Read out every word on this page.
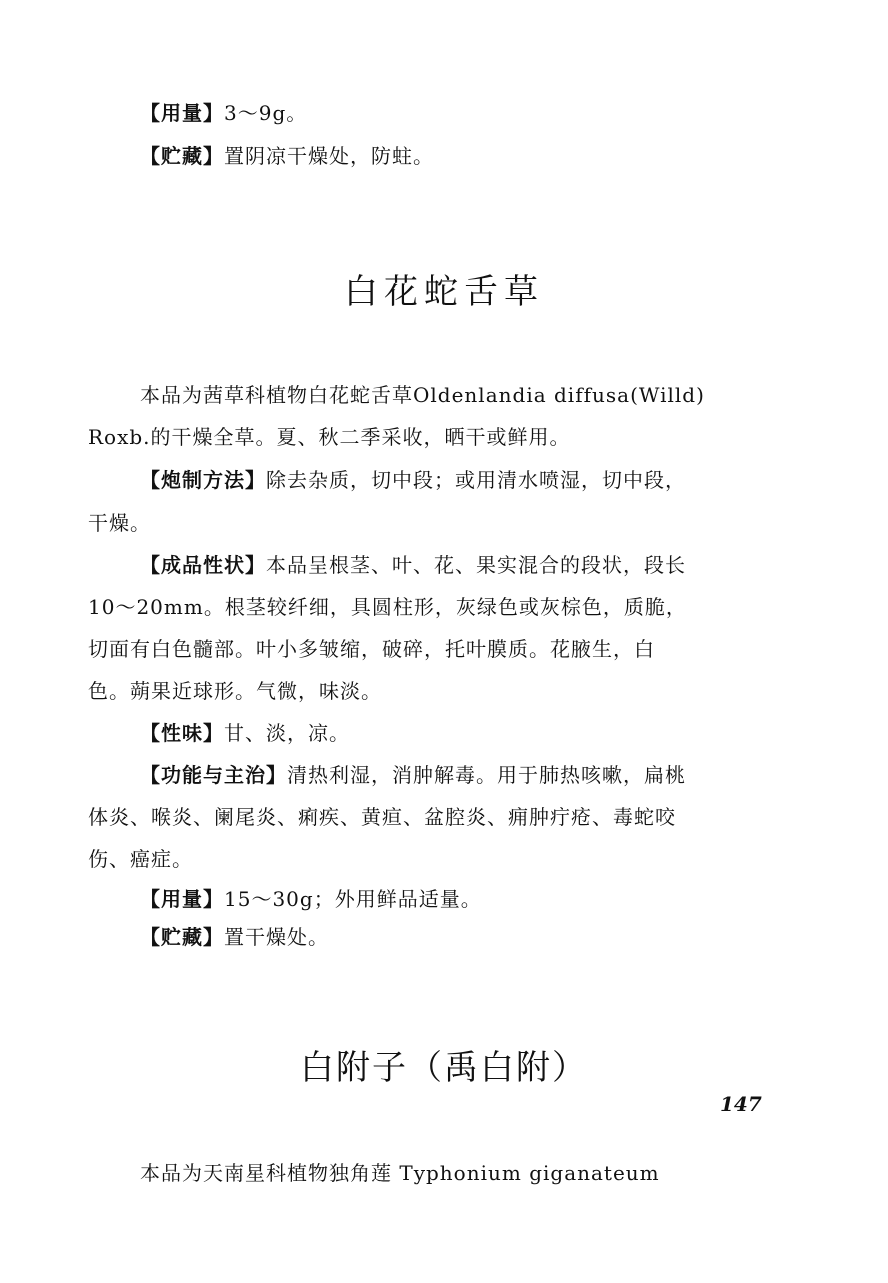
【用量】3～9g。
【贮藏】置阴凉干燥处，防蛀。
白花蛇舌草
本品为茜草科植物白花蛇舌草Oldenlandia diffusa(Willd)
Roxb.的干燥全草。夏、秋二季采收，晒干或鲜用。
【炮制方法】除去杂质，切中段；或用清水喷湿，切中段，
干燥。
【成品性状】本品呈根茎、叶、花、果实混合的段状，段长
10～20mm。根茎较纤细，具圆柱形，灰绿色或灰棕色，质脆，
切面有白色髓部。叶小多皱缩，破碎，托叶膜质。花腋生，白
色。蒴果近球形。气微，味淡。
【性味】甘、淡，凉。
【功能与主治】清热利湿，消肿解毒。用于肺热咳嗽，扁桃
体炎、喉炎、阑尾炎、痢疾、黄疸、盆腔炎、痈肿疔疮、毒蛇咬
伤、癌症。
【用量】15～30g；外用鲜品适量。
【贮藏】置干燥处。
白附子（禹白附）
本品为天南星科植物独角莲 Typhonium giganateum
147
